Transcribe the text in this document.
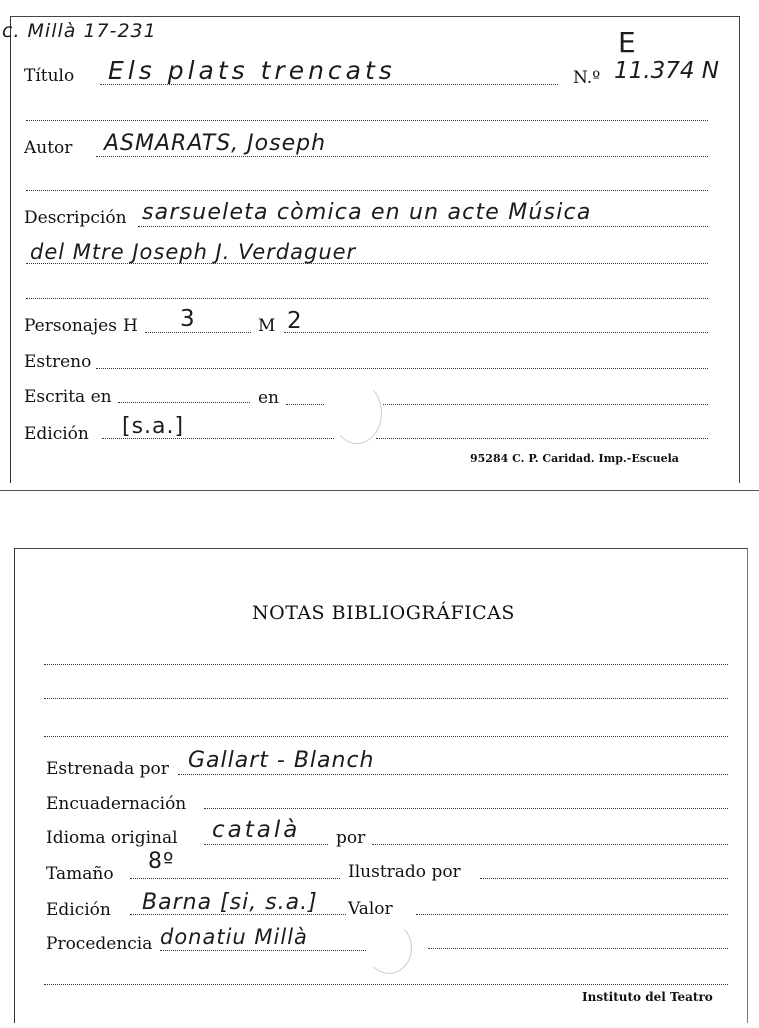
c. Millà 17-231	E
Título Els plats trencats	N.º 11.374 N
Autor ASMARATS, Joseph
Descripción sarsueleta còmica en un acte Música
del Mtre Joseph J. Verdaguer
Personajes H 3	M 2
Estreno
Escrita en	en
Edición [s.a.]
95284 C. P. Caridad. Imp.-Escuela
NOTAS BIBLIOGRÁFICAS
Estrenada por Gallart - Blanch
Encuadernación
Idioma original català por
Tamaño 8º	Ilustrado por
Edición Barna [si, s.a.] Valor
Procedencia donatiu Millà
Instituto del Teatro
